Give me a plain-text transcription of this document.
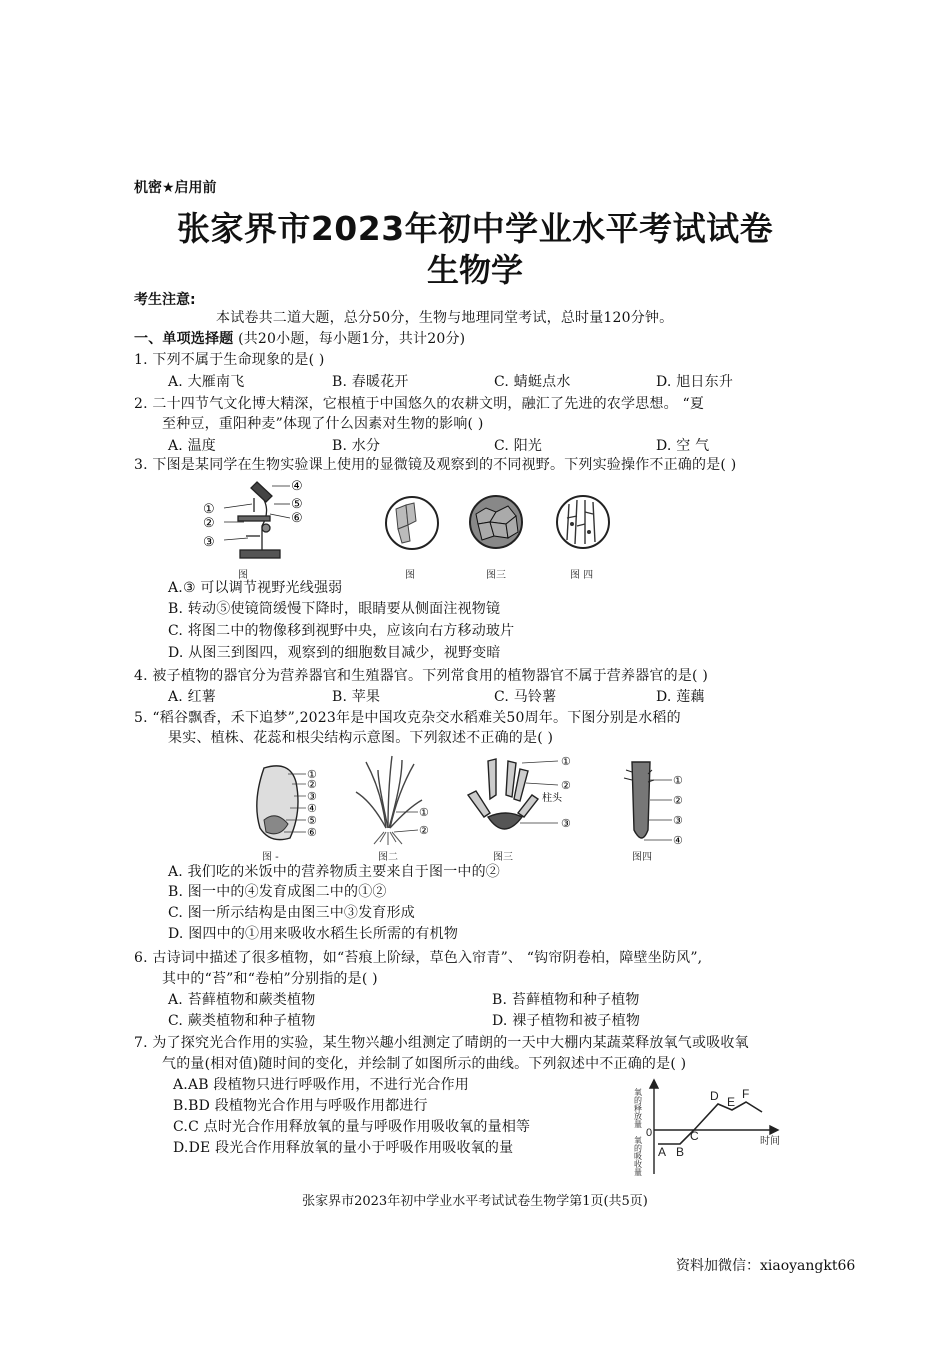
机密★启用前
张家界市2023年初中学业水平考试试卷
生物学
考生注意:
本试卷共二道大题，总分50分，生物与地理同堂考试，总时量120分钟。
一、单项选择题 (共20小题，每小题1分，共计20分)
1. 下列不属于生命现象的是( )
A. 大雁南飞	B. 春暖花开	C. 蜻蜓点水	D. 旭日东升
2. 二十四节气文化博大精深，它根植于中国悠久的农耕文明，融汇了先进的农学思想。 “夏
至种豆，重阳种麦”体现了什么因素对生物的影响( )
A. 温度	B. 水分	C. 阳光	D. 空 气
3. 下图是某同学在生物实验课上使用的显微镜及观察到的不同视野。下列实验操作不正确的是( )
①
②
③
④
⑤
⑥
图	图	图三	图 四
A.③ 可以调节视野光线强弱
B. 转动⑤使镜筒缓慢下降时，眼睛要从侧面注视物镜
C. 将图二中的物像移到视野中央，应该向右方移动玻片
D. 从图三到图四，观察到的细胞数目减少，视野变暗
4. 被子植物的器官分为营养器官和生殖器官。下列常食用的植物器官不属于营养器官的是( )
A. 红薯	B. 苹果	C. 马铃薯	D. 莲藕
5. “稻谷飘香，禾下追梦”,2023年是中国攻克杂交水稻难关50周年。下图分别是水稻的
果实、植株、花蕊和根尖结构示意图。下列叙述不正确的是( )
①
②
③
④
⑤
⑥
图 -
①
②
图二
①
②
柱头
③
图三
①
②
③
④
图四
A. 我们吃的米饭中的营养物质主要来自于图一中的②
B. 图一中的④发育成图二中的①②
C. 图一所示结构是由图三中③发育形成
D. 图四中的①用来吸收水稻生长所需的有机物
6. 古诗词中描述了很多植物，如“苔痕上阶绿，草色入帘青”、 “钩帘阴卷柏，障壁坐防风”,
其中的“苔”和“卷柏”分别指的是( )
A. 苔藓植物和蕨类植物	B. 苔藓植物和种子植物
C. 蕨类植物和种子植物	D. 裸子植物和被子植物
7. 为了探究光合作用的实验，某生物兴趣小组测定了晴朗的一天中大棚内某蔬菜释放氧气或吸收氧
气的量(相对值)随时间的变化，并绘制了如图所示的曲线。下列叙述中不正确的是( )
A.AB 段植物只进行呼吸作用，不进行光合作用
B.BD 段植物光合作用与呼吸作用都进行
C.C 点时光合作用释放氧的量与呼吸作用吸收氧的量相等
D.DE 段光合作用释放氧的量小于呼吸作用吸收氧的量
氧的释放量
氧的吸收量
0
时间
A B
C
D E
F
张家界市2023年初中学业水平考试试卷生物学第1页(共5页)
资料加微信：xiaoyangkt66
